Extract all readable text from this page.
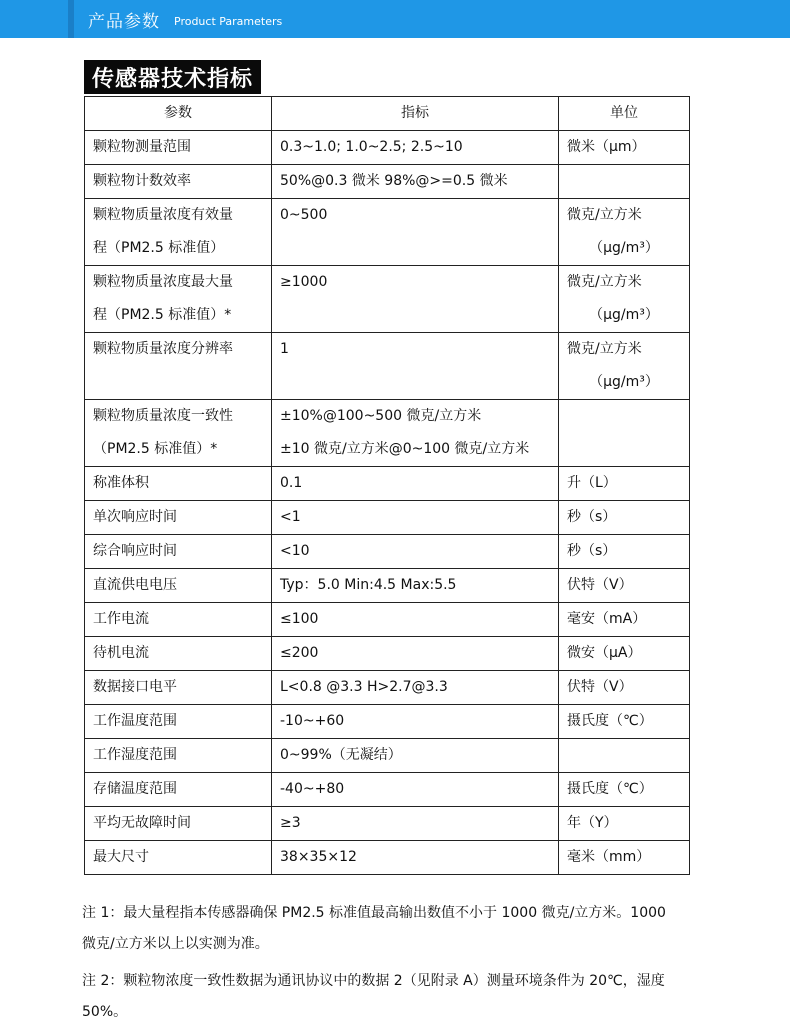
产品参数 Product Parameters
传感器技术指标
参数	指标	单位

颗粒物测量范围	0.3~1.0; 1.0~2.5; 2.5~10	微米（μm）

颗粒物计数效率	50%@0.3 微米 98%@>=0.5 微米	

颗粒物质量浓度有效量
程（PM2.5 标准值）	0~500	微克/立方米
（μg/m³）

颗粒物质量浓度最大量
程（PM2.5 标准值）*	≥1000	微克/立方米
（μg/m³）

颗粒物质量浓度分辨率	1	微克/立方米
（μg/m³）

颗粒物质量浓度一致性
（PM2.5 标准值）*	±10%@100~500 微克/立方米
±10 微克/立方米@0~100 微克/立方米	

称准体积	0.1	升（L）

单次响应时间	<1	秒（s）

综合响应时间	<10	秒（s）

直流供电电压	Typ：5.0 Min:4.5 Max:5.5	伏特（V）

工作电流	≤100	毫安（mA）

待机电流	≤200	微安（μA）

数据接口电平	L<0.8 @3.3 H>2.7@3.3	伏特（V）

工作温度范围	-10~+60	摄氏度（℃）

工作湿度范围	0~99%（无凝结）	

存储温度范围	-40~+80	摄氏度（℃）

平均无故障时间	≥3	年（Y）

最大尺寸	38×35×12	毫米（mm）

注 1：最大量程指本传感器确保 PM2.5 标准值最高输出数值不小于 1000 微克/立方米。1000 微克/立方米以上以实测为准。

注 2：颗粒物浓度一致性数据为通讯协议中的数据 2（见附录 A）测量环境条件为 20℃，湿度 50%。
